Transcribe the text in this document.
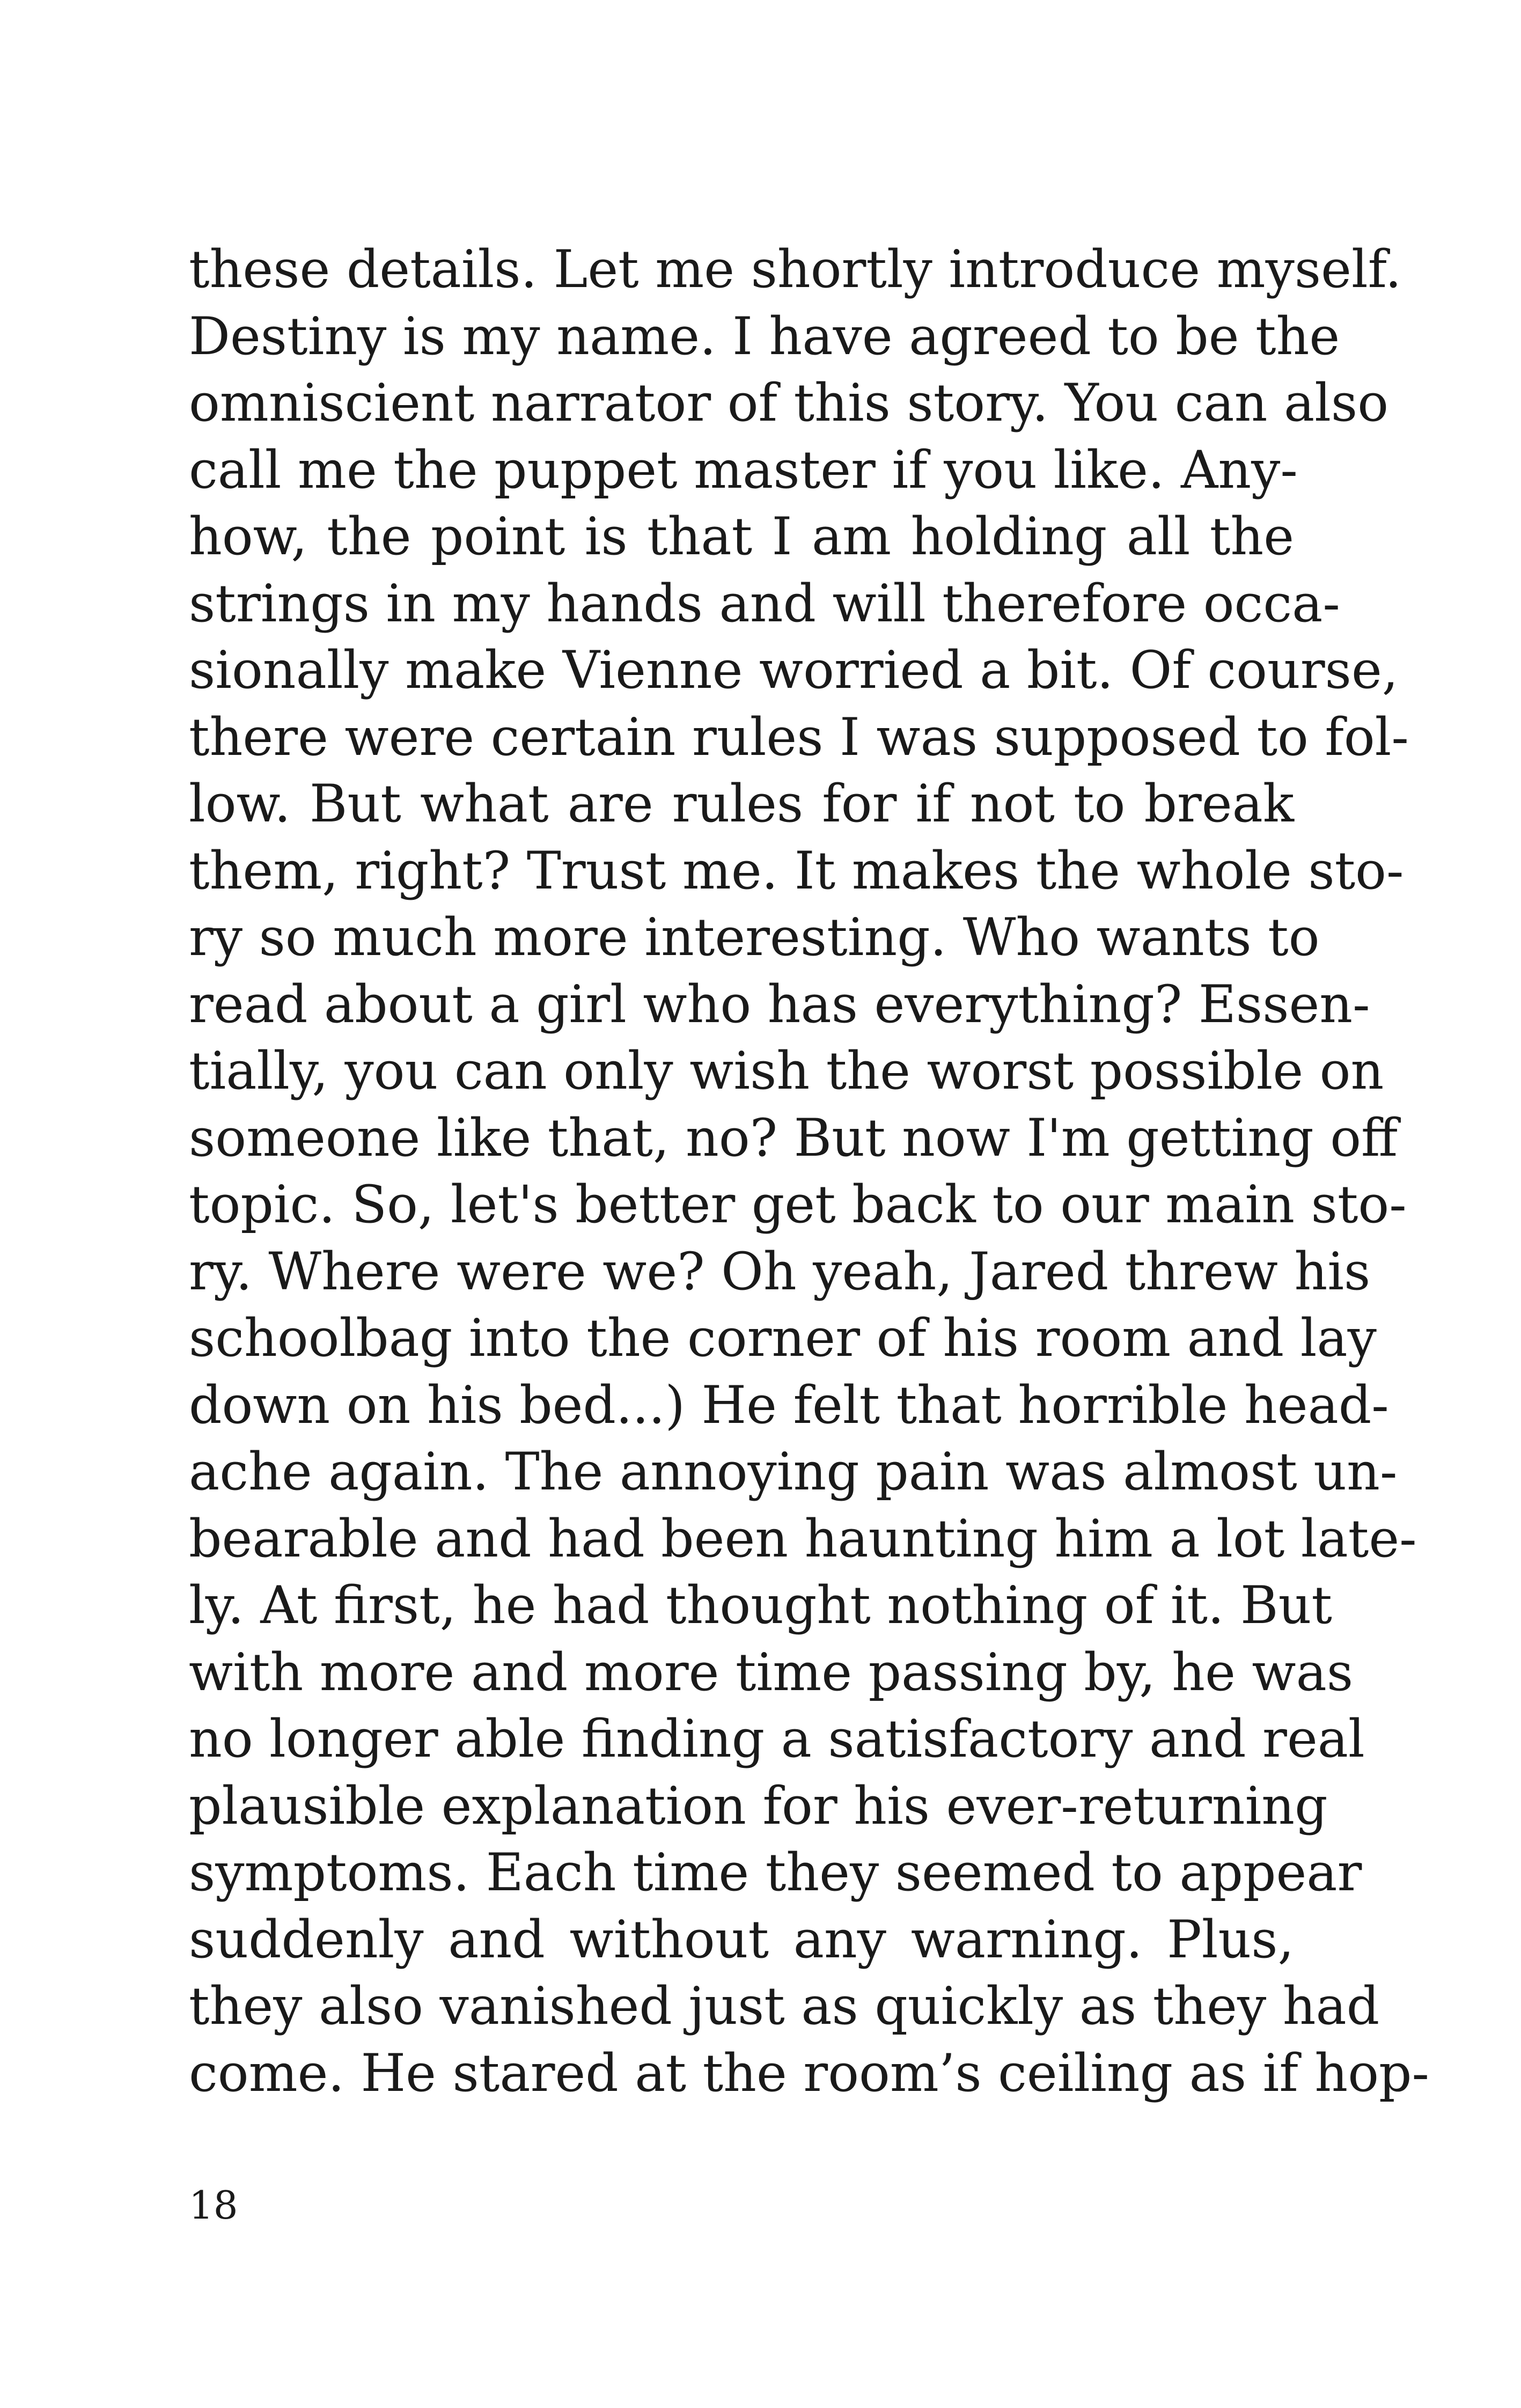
these details. Let me shortly introduce myself.
Destiny is my name. I have agreed to be the
omniscient narrator of this story. You can also
call me the puppet master if you like. Any-
how, the point is that I am holding all the
strings in my hands and will therefore occa-
sionally make Vienne worried a bit. Of course,
there were certain rules I was supposed to fol-
low. But what are rules for if not to break
them, right? Trust me. It makes the whole sto-
ry so much more interesting. Who wants to
read about a girl who has everything? Essen-
tially, you can only wish the worst possible on
someone like that, no? But now I'm getting off
topic. So, let's better get back to our main sto-
ry. Where were we? Oh yeah, Jared threw his
schoolbag into the corner of his room and lay
down on his bed...) He felt that horrible head-
ache again. The annoying pain was almost un-
bearable and had been haunting him a lot late-
ly. At first, he had thought nothing of it. But
with more and more time passing by, he was
no longer able finding a satisfactory and real
plausible explanation for his ever-returning
symptoms. Each time they seemed to appear
suddenly and without any warning. Plus,
they also vanished just as quickly as they had
come. He stared at the room’s ceiling as if hop-
18
